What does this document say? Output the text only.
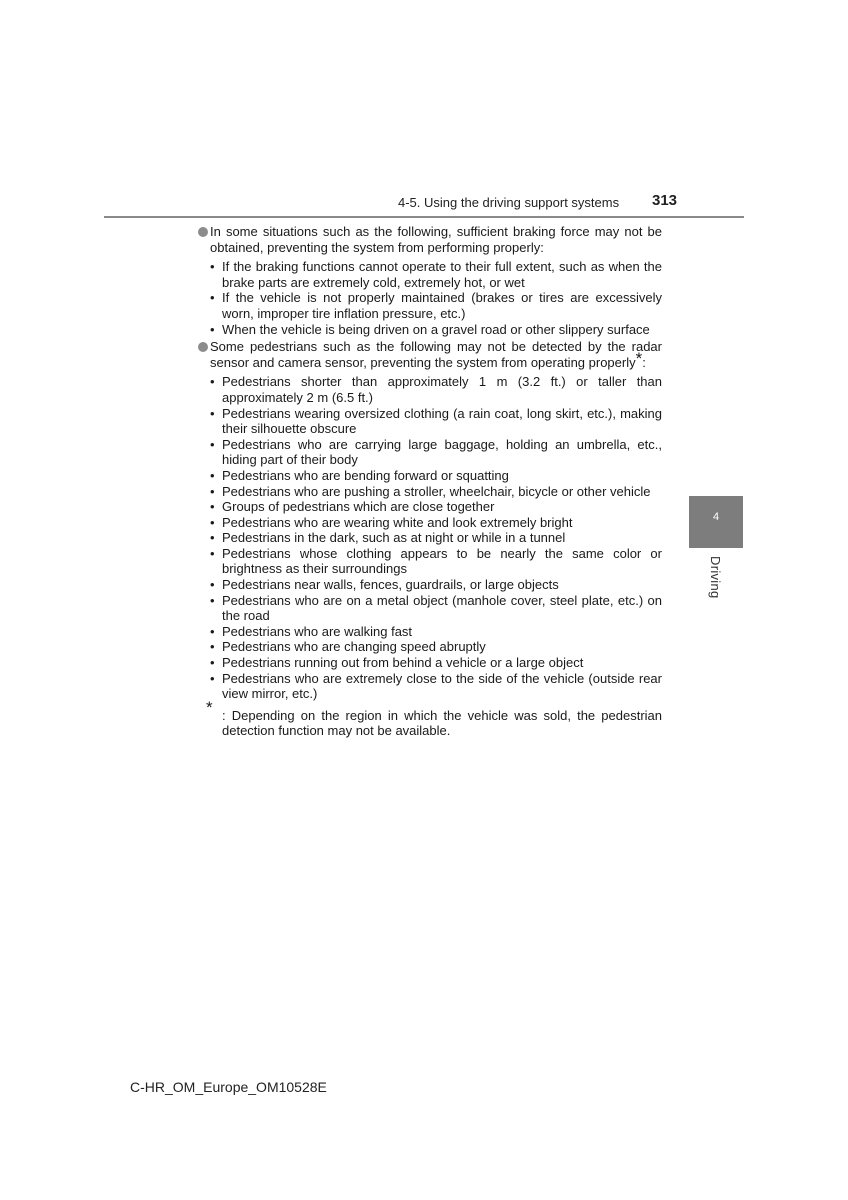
4-5. Using the driving support systems 313
4
Driving
In some situations such as the following, sufficient braking force may not be obtained, preventing the system from performing properly:
• If the braking functions cannot operate to their full extent, such as when the brake parts are extremely cold, extremely hot, or wet
• If the vehicle is not properly maintained (brakes or tires are excessively worn, improper tire inflation pressure, etc.)
• When the vehicle is being driven on a gravel road or other slippery surface
Some pedestrians such as the following may not be detected by the radar sensor and camera sensor, preventing the system from operating properly*:
• Pedestrians shorter than approximately 1 m (3.2 ft.) or taller than approximately 2 m (6.5 ft.)
• Pedestrians wearing oversized clothing (a rain coat, long skirt, etc.), making their silhouette obscure
• Pedestrians who are carrying large baggage, holding an umbrella, etc., hiding part of their body
• Pedestrians who are bending forward or squatting
• Pedestrians who are pushing a stroller, wheelchair, bicycle or other vehicle
• Groups of pedestrians which are close together
• Pedestrians who are wearing white and look extremely bright
• Pedestrians in the dark, such as at night or while in a tunnel
• Pedestrians whose clothing appears to be nearly the same color or brightness as their surroundings
• Pedestrians near walls, fences, guardrails, or large objects
• Pedestrians who are on a metal object (manhole cover, steel plate, etc.) on the road
• Pedestrians who are walking fast
• Pedestrians who are changing speed abruptly
• Pedestrians running out from behind a vehicle or a large object
• Pedestrians who are extremely close to the side of the vehicle (outside rear view mirror, etc.)
* : Depending on the region in which the vehicle was sold, the pedestrian detection function may not be available.
C-HR_OM_Europe_OM10528E
